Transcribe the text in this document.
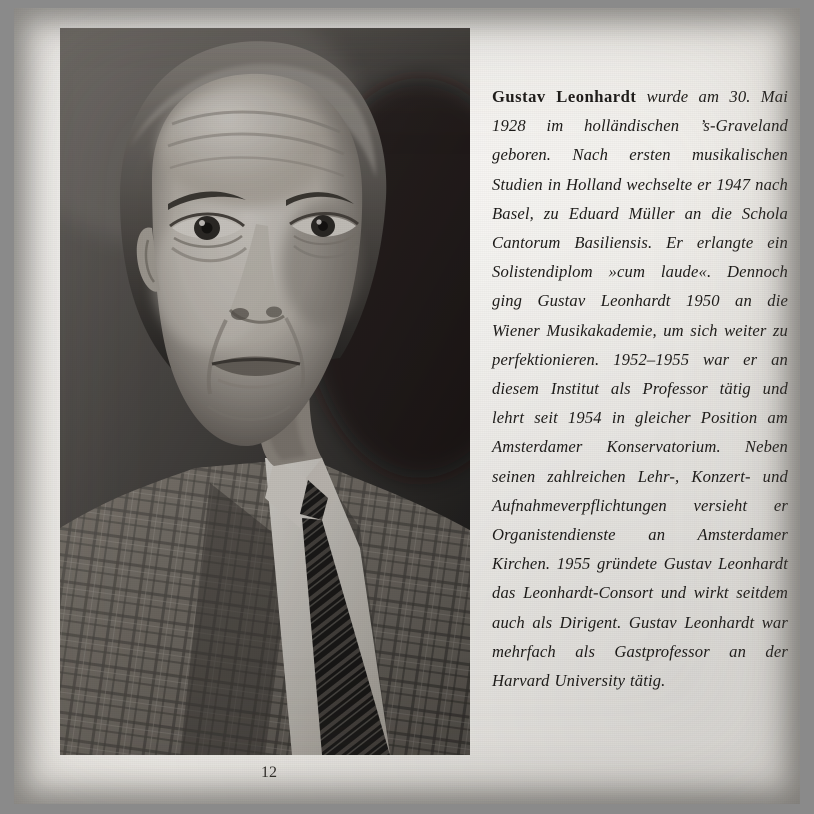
Gustav Leonhardt wurde am 30. Mai 1928 im holländischen ’s-Graveland geboren. Nach ersten musikalischen Studien in Holland wechselte er 1947 nach Basel, zu Eduard Müller an die Schola Cantorum Basiliensis. Er erlangte ein Solistendiplom »cum laude«. Dennoch ging Gustav Leonhardt 1950 an die Wiener Musikakademie, um sich weiter zu perfektionieren. 1952–1955 war er an diesem Institut als Professor tätig und lehrt seit 1954 in gleicher Position am Amsterdamer Konservatorium. Neben seinen zahlreichen Lehr-, Konzert- und Aufnahmeverpflichtungen versieht er Organistendienste an Amsterdamer Kirchen. 1955 gründete Gustav Leonhardt das Leonhardt-Consort und wirkt seitdem auch als Dirigent. Gustav Leonhardt war mehrfach als Gastprofessor an der Harvard University tätig.

12
